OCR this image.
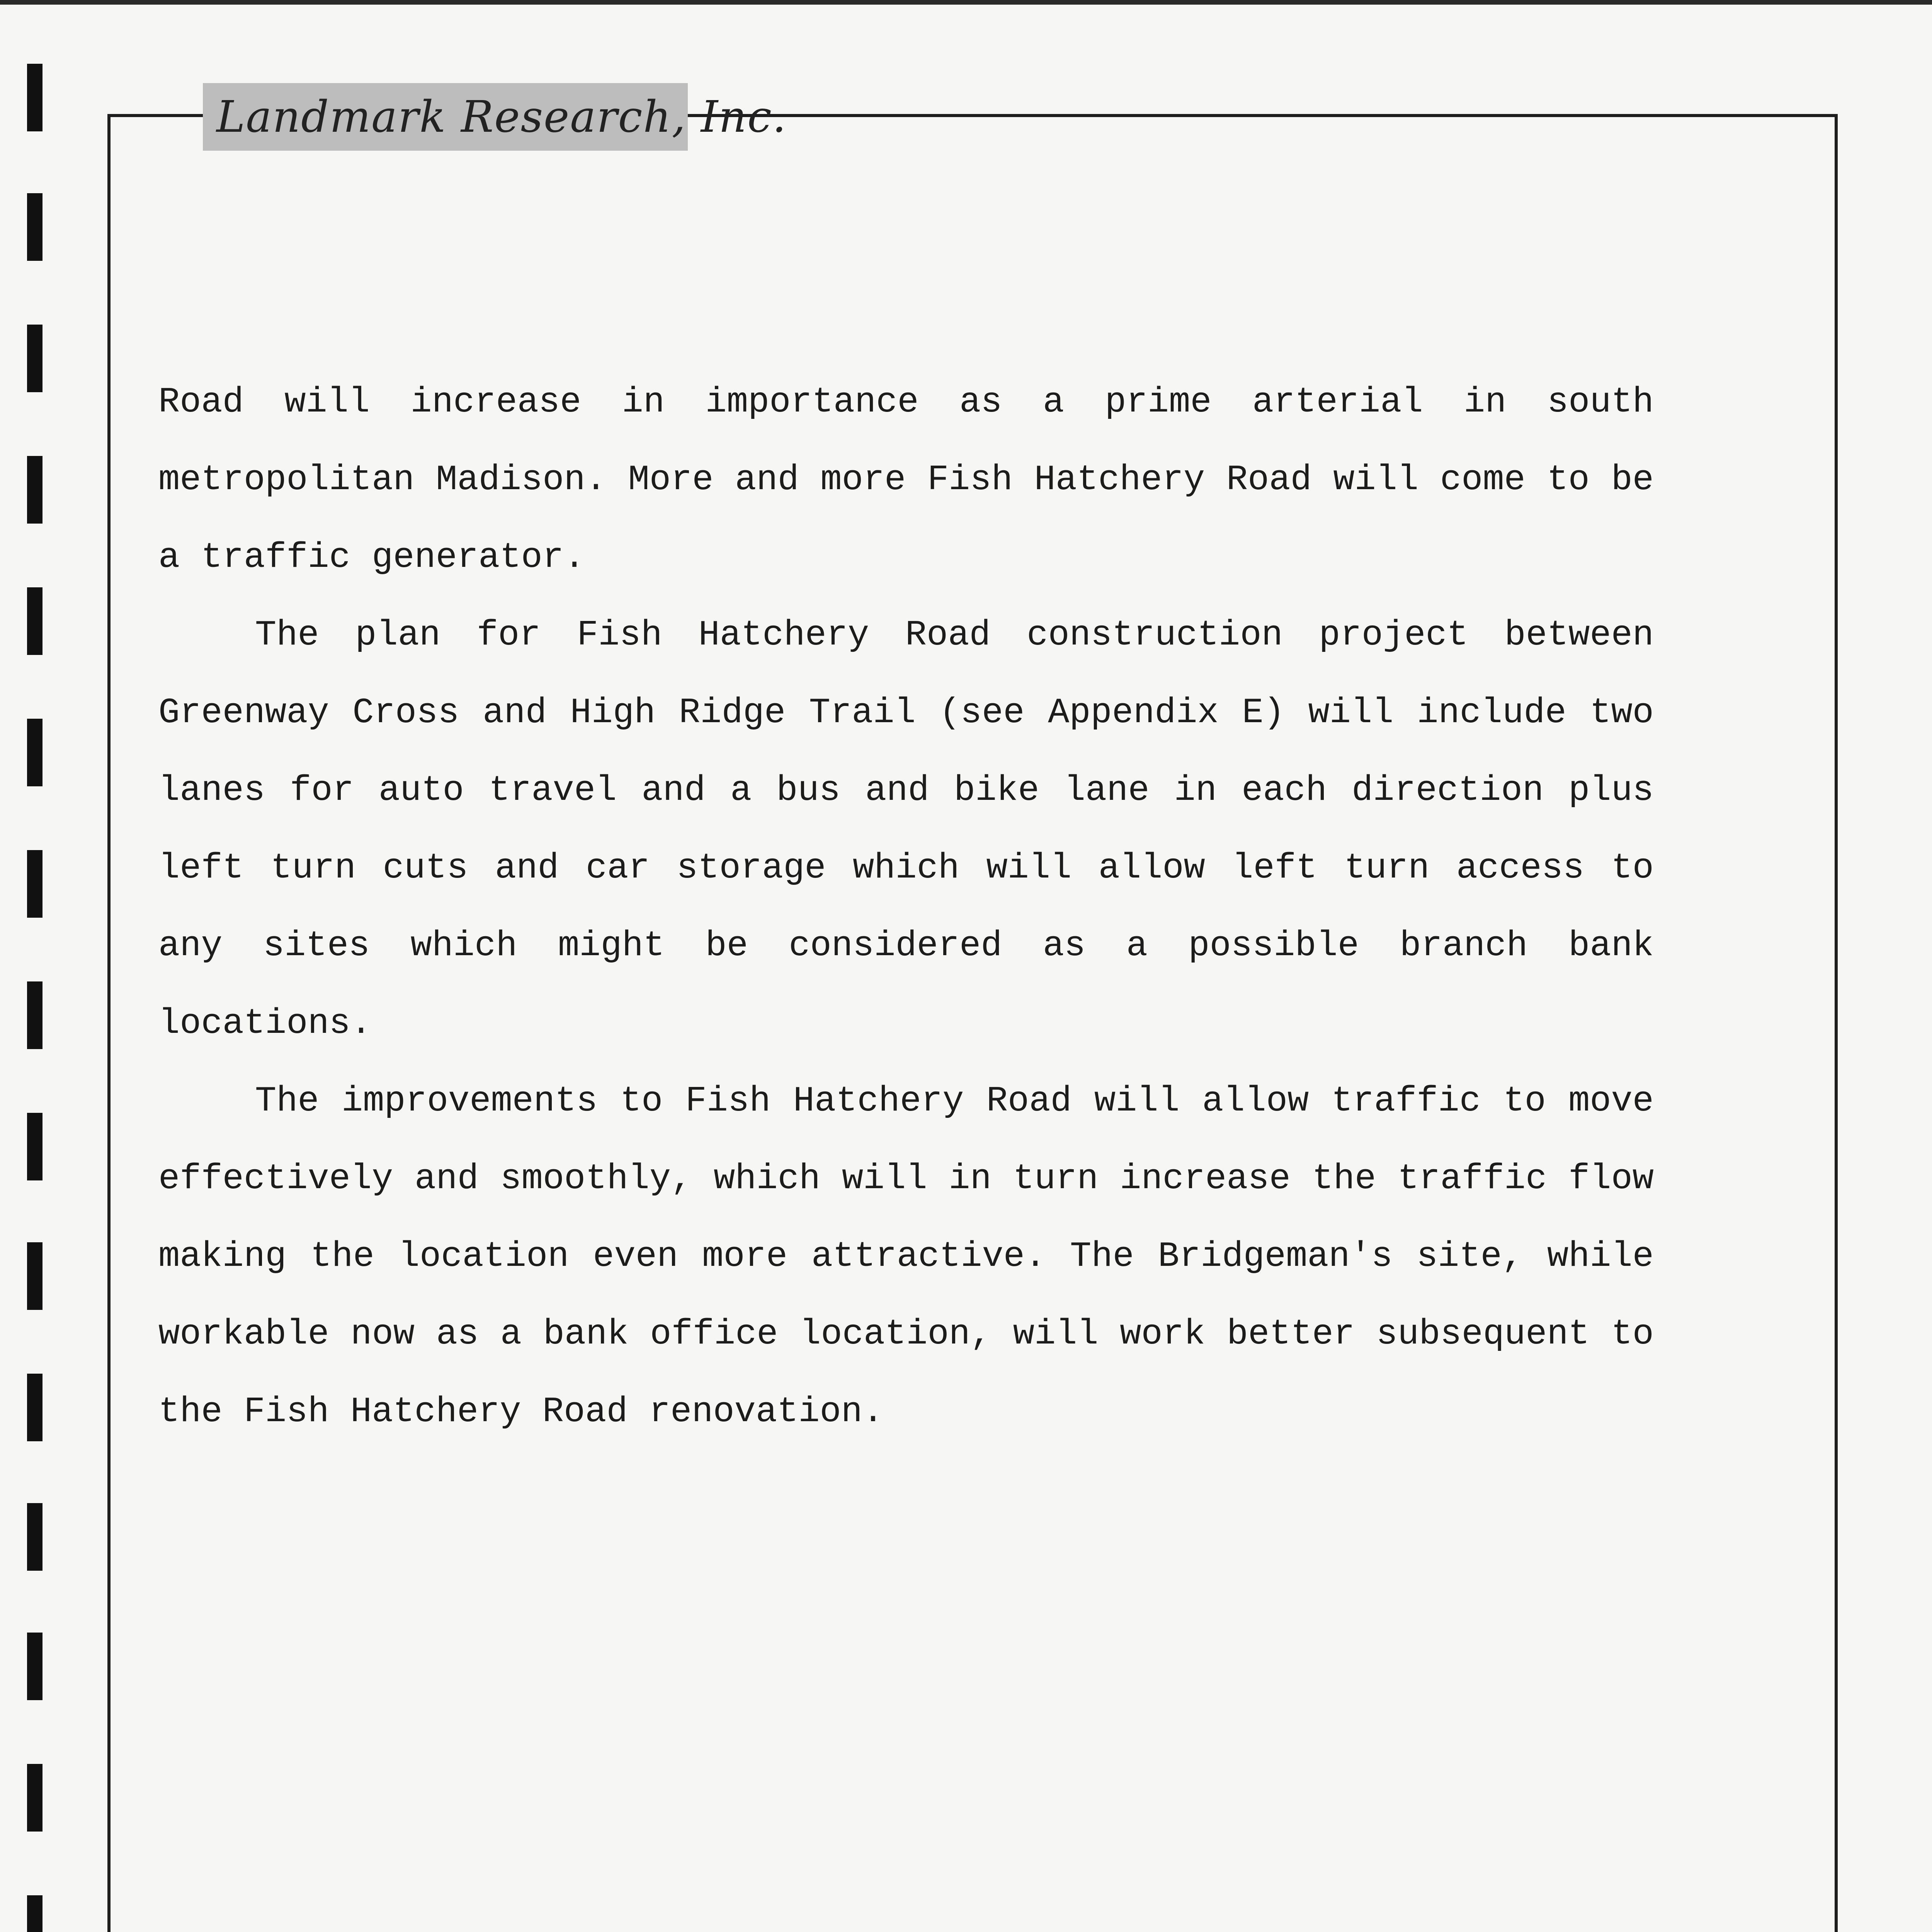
Landmark Research, Inc.

Road will increase in importance as a prime arterial in south metropolitan Madison. More and more Fish Hatchery Road will come to be a traffic generator.

The plan for Fish Hatchery Road construction project between Greenway Cross and High Ridge Trail (see Appendix E) will include two lanes for auto travel and a bus and bike lane in each direction plus left turn cuts and car storage which will allow left turn access to any sites which might be considered as a possible branch bank locations.

The improvements to Fish Hatchery Road will allow traffic to move effectively and smoothly, which will in turn increase the traffic flow making the location even more attractive. The Bridgeman's site, while workable now as a bank office location, will work better subsequent to the Fish Hatchery Road renovation.
